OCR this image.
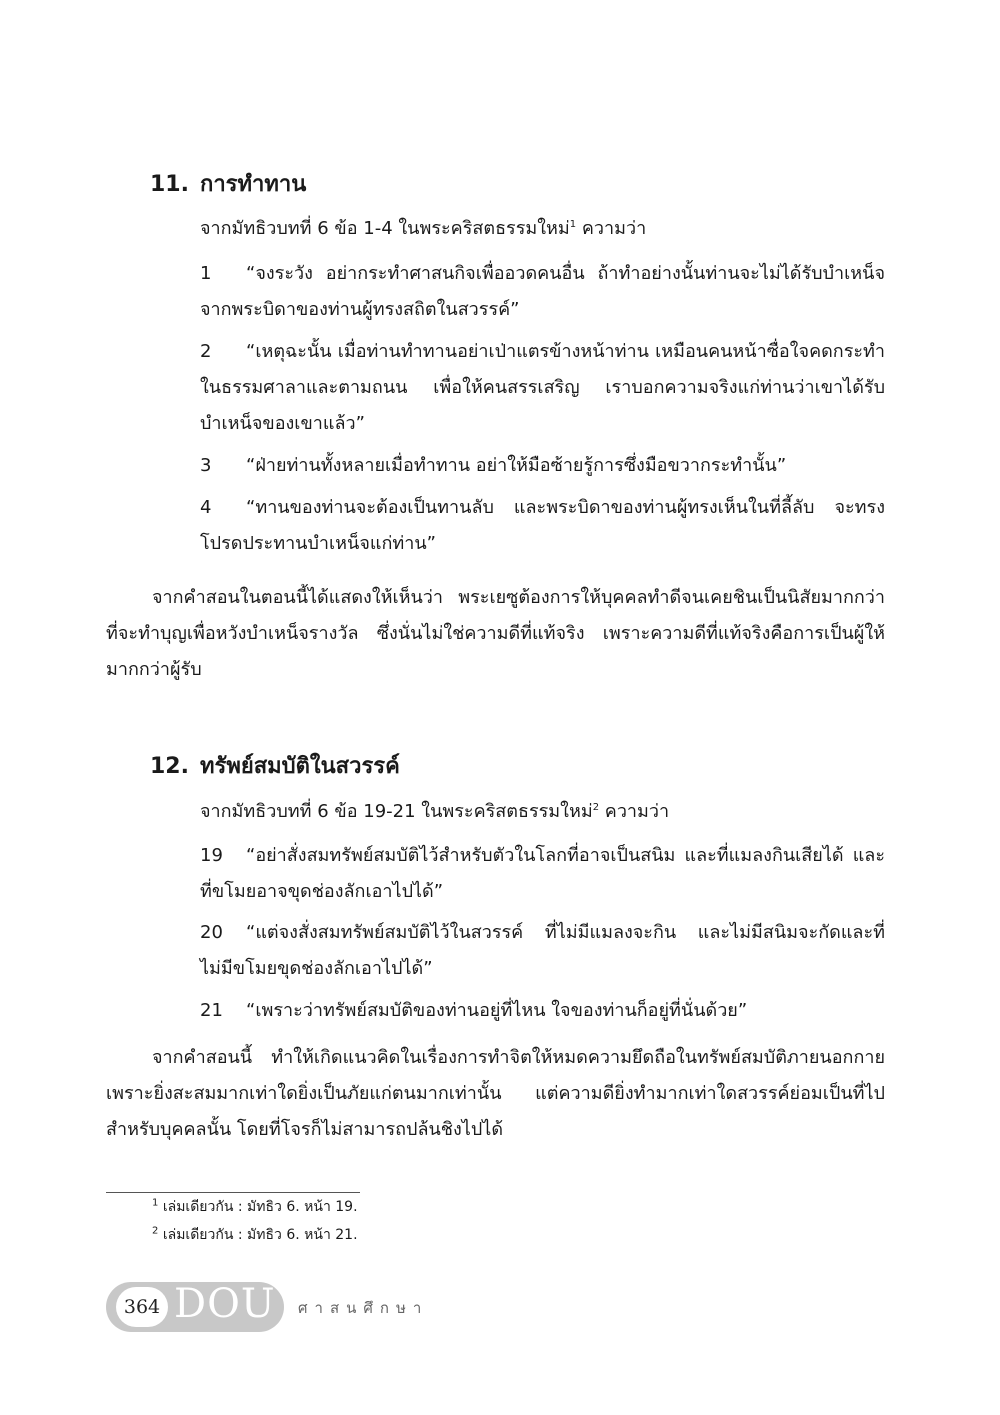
11. การทำทาน
จากมัทธิวบทที่ 6 ข้อ 1-4 ในพระคริสตธรรมใหม่$^1$ ความว่า
1 “จงระวัง อย่ากระทำศาสนกิจเพื่ออวดคนอื่น ถ้าทำอย่างนั้นท่านจะไม่ได้รับบำเหน็จจากพระบิดาของท่านผู้ทรงสถิตในสวรรค์”
2 “เหตุฉะนั้น เมื่อท่านทำทานอย่าเป่าแตรข้างหน้าท่าน เหมือนคนหน้าซื่อใจคดกระทำในธรรมศาลาและตามถนน เพื่อให้คนสรรเสริญ เราบอกความจริงแก่ท่านว่าเขาได้รับบำเหน็จของเขาแล้ว”
3 “ฝ่ายท่านทั้งหลายเมื่อทำทาน อย่าให้มือซ้ายรู้การซึ่งมือขวากระทำนั้น”
4 “ทานของท่านจะต้องเป็นทานลับ และพระบิดาของท่านผู้ทรงเห็นในที่ลี้ลับ จะทรงโปรดประทานบำเหน็จแก่ท่าน”
จากคำสอนในตอนนี้ได้แสดงให้เห็นว่า พระเยซูต้องการให้บุคคลทำดีจนเคยชินเป็นนิสัยมากกว่าที่จะทำบุญเพื่อหวังบำเหน็จรางวัล ซึ่งนั่นไม่ใช่ความดีที่แท้จริง เพราะความดีที่แท้จริงคือการเป็นผู้ให้มากกว่าผู้รับ
12. ทรัพย์สมบัติในสวรรค์
จากมัทธิวบทที่ 6 ข้อ 19-21 ในพระคริสตธรรมใหม่$^2$ ความว่า
19 “อย่าสั่งสมทรัพย์สมบัติไว้สำหรับตัวในโลกที่อาจเป็นสนิม และที่แมลงกินเสียได้ และที่ขโมยอาจขุดช่องลักเอาไปได้”
20 “แต่จงสั่งสมทรัพย์สมบัติไว้ในสวรรค์ ที่ไม่มีแมลงจะกิน และไม่มีสนิมจะกัดและที่ไม่มีขโมยขุดช่องลักเอาไปได้”
21 “เพราะว่าทรัพย์สมบัติของท่านอยู่ที่ไหน ใจของท่านก็อยู่ที่นั่นด้วย”
จากคำสอนนี้ ทำให้เกิดแนวคิดในเรื่องการทำจิตให้หมดความยึดถือในทรัพย์สมบัติภายนอกกาย เพราะยิ่งสะสมมากเท่าใดยิ่งเป็นภัยแก่ตนมากเท่านั้น แต่ความดียิ่งทำมากเท่าใดสวรรค์ย่อมเป็นที่ไปสำหรับบุคคลนั้น โดยที่โจรก็ไม่สามารถปล้นชิงไปได้
$^1$ เล่มเดียวกัน : มัทธิว 6. หน้า 19.
$^2$ เล่มเดียวกัน : มัทธิว 6. หน้า 21.
364 DOU ศาสนศึกษา
